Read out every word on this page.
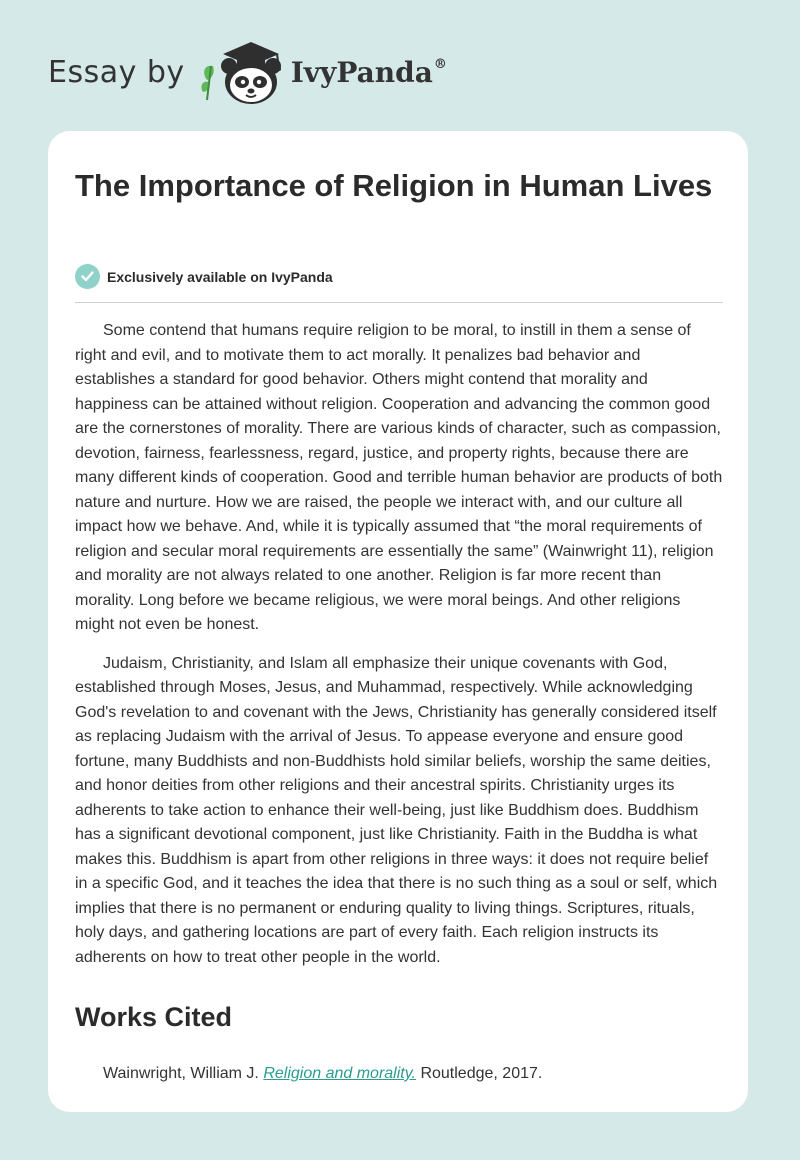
Essay by	IvyPanda®
The Importance of Religion in Human Lives
Exclusively available on IvyPanda

Some contend that humans require religion to be moral, to instill in them a sense of right and evil, and to motivate them to act morally. It penalizes bad behavior and establishes a standard for good behavior. Others might contend that morality and happiness can be attained without religion. Cooperation and advancing the common good are the cornerstones of morality. There are various kinds of character, such as compassion, devotion, fairness, fearlessness, regard, justice, and property rights, because there are many different kinds of cooperation. Good and terrible human behavior are products of both nature and nurture. How we are raised, the people we interact with, and our culture all impact how we behave. And, while it is typically assumed that “the moral requirements of religion and secular moral requirements are essentially the same” (Wainwright 11), religion and morality are not always related to one another. Religion is far more recent than morality. Long before we became religious, we were moral beings. And other religions might not even be honest.

Judaism, Christianity, and Islam all emphasize their unique covenants with God, established through Moses, Jesus, and Muhammad, respectively. While acknowledging God's revelation to and covenant with the Jews, Christianity has generally considered itself as replacing Judaism with the arrival of Jesus. To appease everyone and ensure good fortune, many Buddhists and non-Buddhists hold similar beliefs, worship the same deities, and honor deities from other religions and their ancestral spirits. Christianity urges its adherents to take action to enhance their well-being, just like Buddhism does. Buddhism has a significant devotional component, just like Christianity. Faith in the Buddha is what makes this. Buddhism is apart from other religions in three ways: it does not require belief in a specific God, and it teaches the idea that there is no such thing as a soul or self, which implies that there is no permanent or enduring quality to living things. Scriptures, rituals, holy days, and gathering locations are part of every faith. Each religion instructs its adherents on how to treat other people in the world.

Works Cited
Wainwright, William J. Religion and morality. Routledge, 2017.
